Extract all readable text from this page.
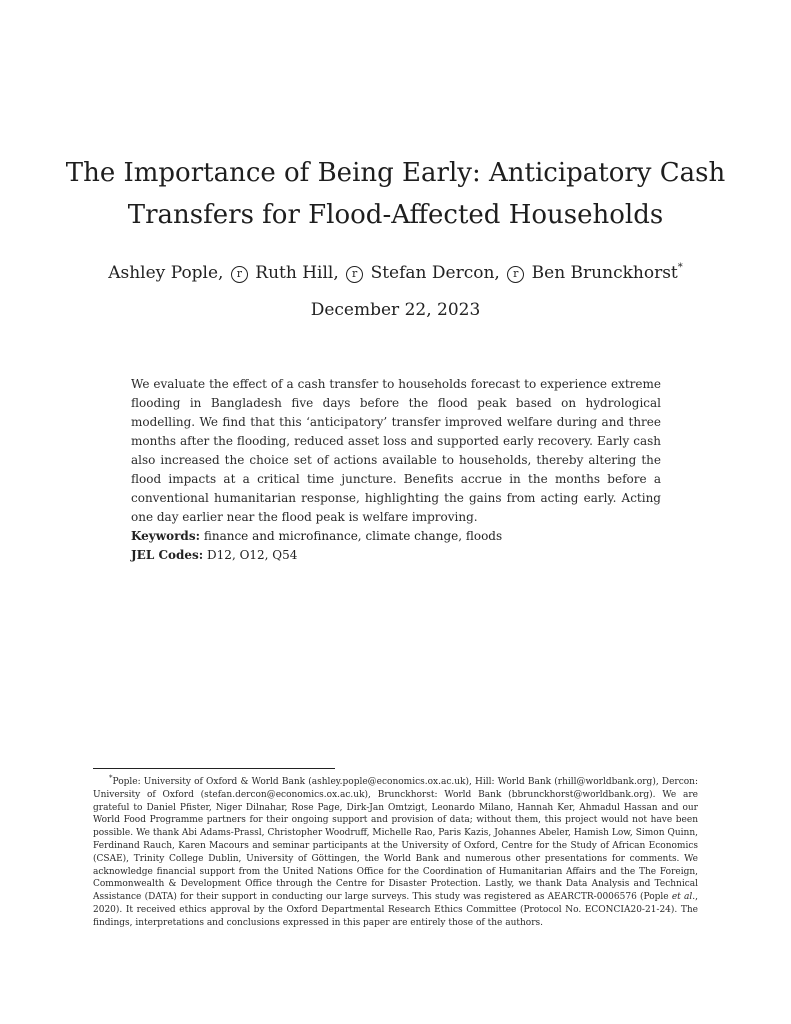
The Importance of Being Early: Anticipatory Cash
Transfers for Flood-Affected Households
Ashley Pople, r Ruth Hill, r Stefan Dercon, r Ben Brunckhorst*
December 22, 2023
We evaluate the effect of a cash transfer to households forecast to experience extreme flooding in Bangladesh five days before the flood peak based on hydrological modelling. We find that this ‘anticipatory’ transfer improved welfare during and three months after the flooding, reduced asset loss and supported early recovery. Early cash also increased the choice set of actions available to households, thereby altering the flood impacts at a critical time juncture. Benefits accrue in the months before a conventional humanitarian response, highlighting the gains from acting early. Acting one day earlier near the flood peak is welfare improving.
Keywords: finance and microfinance, climate change, floods
JEL Codes: D12, O12, Q54
*Pople: University of Oxford & World Bank (ashley.pople@economics.ox.ac.uk), Hill: World Bank (rhill@worldbank.org), Dercon: University of Oxford (stefan.dercon@economics.ox.ac.uk), Brunckhorst: World Bank (bbrunckhorst@worldbank.org). We are grateful to Daniel Pfister, Niger Dilnahar, Rose Page, Dirk-Jan Omtzigt, Leonardo Milano, Hannah Ker, Ahmadul Hassan and our World Food Programme partners for their ongoing support and provision of data; without them, this project would not have been possible. We thank Abi Adams-Prassl, Christopher Woodruff, Michelle Rao, Paris Kazis, Johannes Abeler, Hamish Low, Simon Quinn, Ferdinand Rauch, Karen Macours and seminar participants at the University of Oxford, Centre for the Study of African Economics (CSAE), Trinity College Dublin, University of Göttingen, the World Bank and numerous other presentations for comments. We acknowledge financial support from the United Nations Office for the Coordination of Humanitarian Affairs and the The Foreign, Commonwealth & Development Office through the Centre for Disaster Protection. Lastly, we thank Data Analysis and Technical Assistance (DATA) for their support in conducting our large surveys. This study was registered as AEARCTR-0006576 (Pople et al., 2020). It received ethics approval by the Oxford Departmental Research Ethics Committee (Protocol No. ECONCIA20-21-24). The findings, interpretations and conclusions expressed in this paper are entirely those of the authors.
